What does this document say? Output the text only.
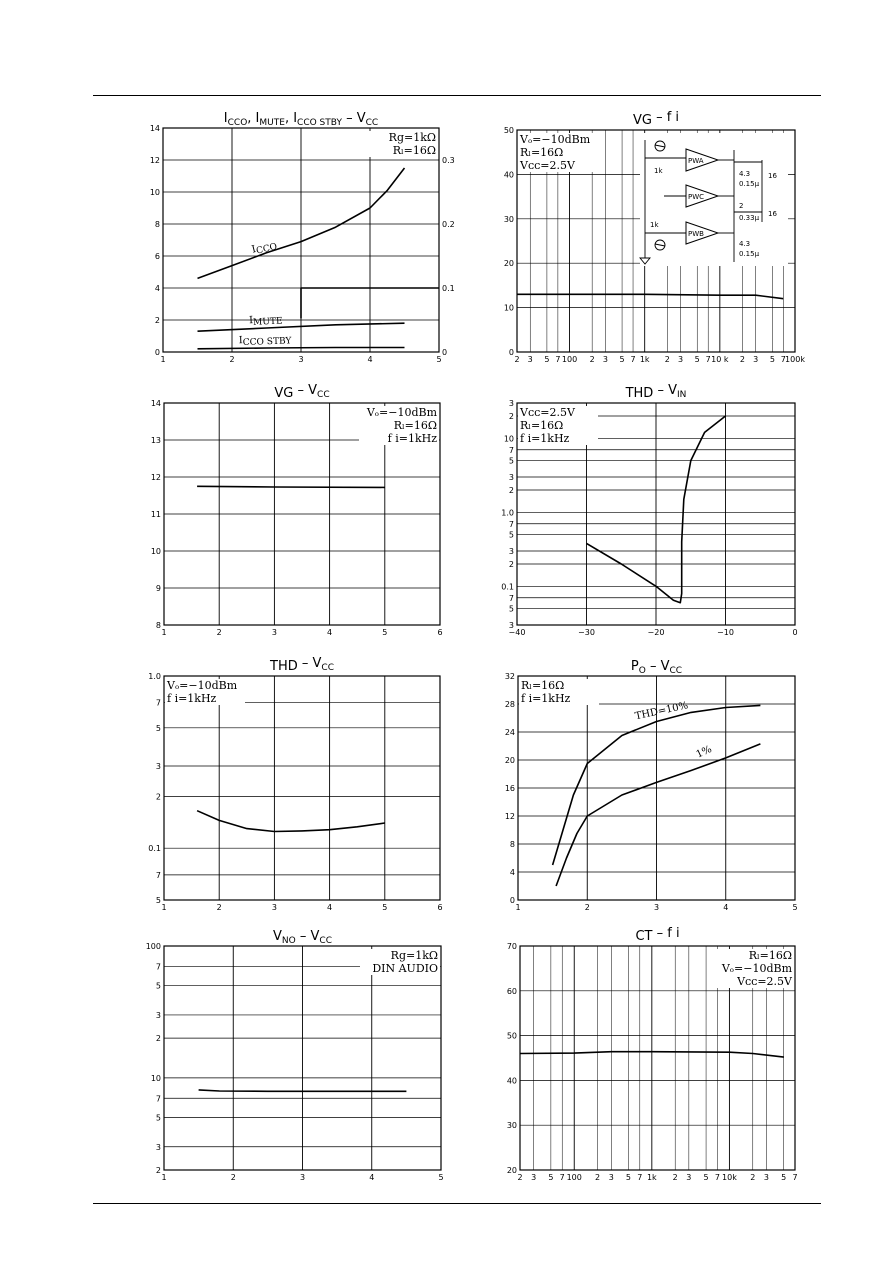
1	2	3	4	5
0
2
4
6
8
10
12
14
0
0.1
0.2
0.3
$I_{CCO}$, $I_{MUTE}$, $I_{CCO STBY} - V_{CC}$
Rg=1kΩ
Rₗ=16Ω
ICCO
IMUTE
ICCO STBY
2 3 5 7 100 2 3 5 7 1k 2 3 5 7 10 k 2 3 5 7 100k
0
10
20
30
40
50
VG – f i
Vₒ=−10dBm
Rₗ=16Ω
Vᴄᴄ=2.5V	PWA
PWC
PWB
1k
1k
4.3
0.15μ
2
0.33μ
4.3
0.15μ
16
16
1	2	3	4	5	6
8
9
10
11
12
13
14
VG – $V_{CC}$
Vₒ=−10dBm
Rₗ=16Ω
f i=1kHz
−40	−30	−20	−10	0
3
5
7
0.1
2
3
5
7
1.0
2
3
5
7
10
2
3
THD – $V_{IN}$
Vᴄᴄ=2.5V
Rₗ=16Ω
f i=1kHz
1	2	3	4	5	6
5
7
0.1
2
3
5
7
1.0
THD – $V_{CC}$
Vₒ=−10dBm
f i=1kHz
1	2	3	4	5
0
4
8
12
16
20
24
28
32
$P_O - V_{CC}$
Rₗ=16Ω
f i=1kHz
THD=10%
1%
1	2	3	4	5
2
3
5
7
10
2
3
5
7
100
$V_{NO} - V_{CC}$
Rg=1kΩ
DIN AUDIO
2 3 5 7 100 2 3 5 7 1k 2 3 5 7 10k 2 3 5 7
20
30
40
50
60
70
CT – f i
Rₗ=16Ω
Vₒ=−10dBm
Vᴄᴄ=2.5V
